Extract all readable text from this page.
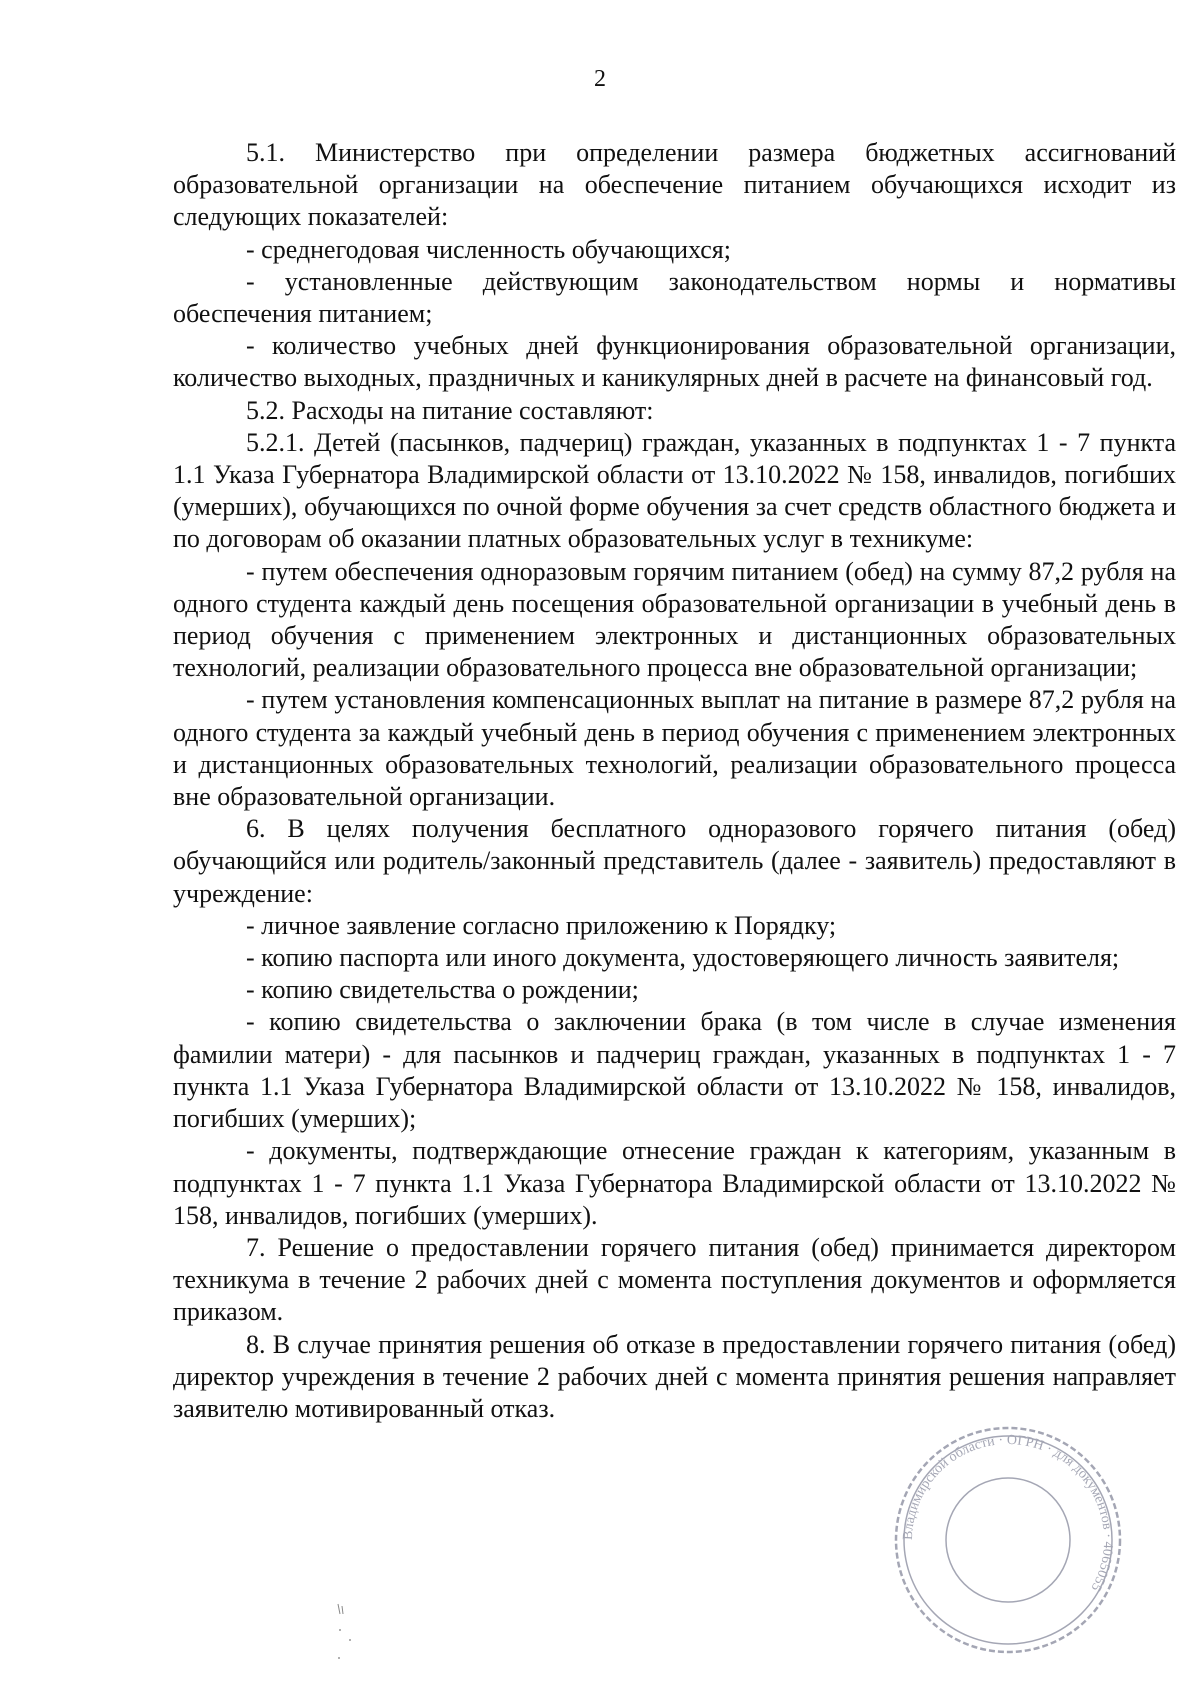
2

5.1. Министерство при определении размера бюджетных ассигнований образовательной организации на обеспечение питанием обучающихся исходит из следующих показателей:

- среднегодовая численность обучающихся;

- установленные действующим законодательством нормы и нормативы обеспечения питанием;

- количество учебных дней функционирования образовательной организации, количество выходных, праздничных и каникулярных дней в расчете на финансовый год.

5.2. Расходы на питание составляют:

5.2.1. Детей (пасынков, падчериц) граждан, указанных в подпунктах 1 - 7 пункта 1.1 Указа Губернатора Владимирской области от 13.10.2022 № 158, инвалидов, погибших (умерших), обучающихся по очной форме обучения за счет средств областного бюджета и по договорам об оказании платных образовательных услуг в техникуме:

- путем обеспечения одноразовым горячим питанием (обед) на сумму 87,2 рубля на одного студента каждый день посещения образовательной организации в учебный день в период обучения с применением электронных и дистанционных образовательных технологий, реализации образовательного процесса вне образовательной организации;

- путем установления компенсационных выплат на питание в размере 87,2 рубля на одного студента за каждый учебный день в период обучения с применением электронных и дистанционных образовательных технологий, реализации образовательного процесса вне образовательной организации.

6. В целях получения бесплатного одноразового горячего питания (обед) обучающийся или родитель/законный представитель (далее - заявитель) предоставляют в учреждение:

- личное заявление согласно приложению к Порядку;

- копию паспорта или иного документа, удостоверяющего личность заявителя;

- копию свидетельства о рождении;

- копию свидетельства о заключении брака (в том числе в случае изменения фамилии матери) - для пасынков и падчериц граждан, указанных в подпунктах 1 - 7 пункта 1.1 Указа Губернатора Владимирской области от 13.10.2022 № 158, инвалидов, погибших (умерших);

- документы, подтверждающие отнесение граждан к категориям, указанным в подпунктах 1 - 7 пункта 1.1 Указа Губернатора Владимирской области от 13.10.2022 № 158, инвалидов, погибших (умерших).

7. Решение о предоставлении горячего питания (обед) принимается директором техникума в течение 2 рабочих дней с момента поступления документов и оформляется приказом.

8. В случае принятия решения об отказе в предоставлении горячего питания (обед) директор учреждения в течение 2 рабочих дней с момента принятия решения направляет заявителю мотивированный отказ.

Владимирской области · ОГРН · для документов · 4065055
